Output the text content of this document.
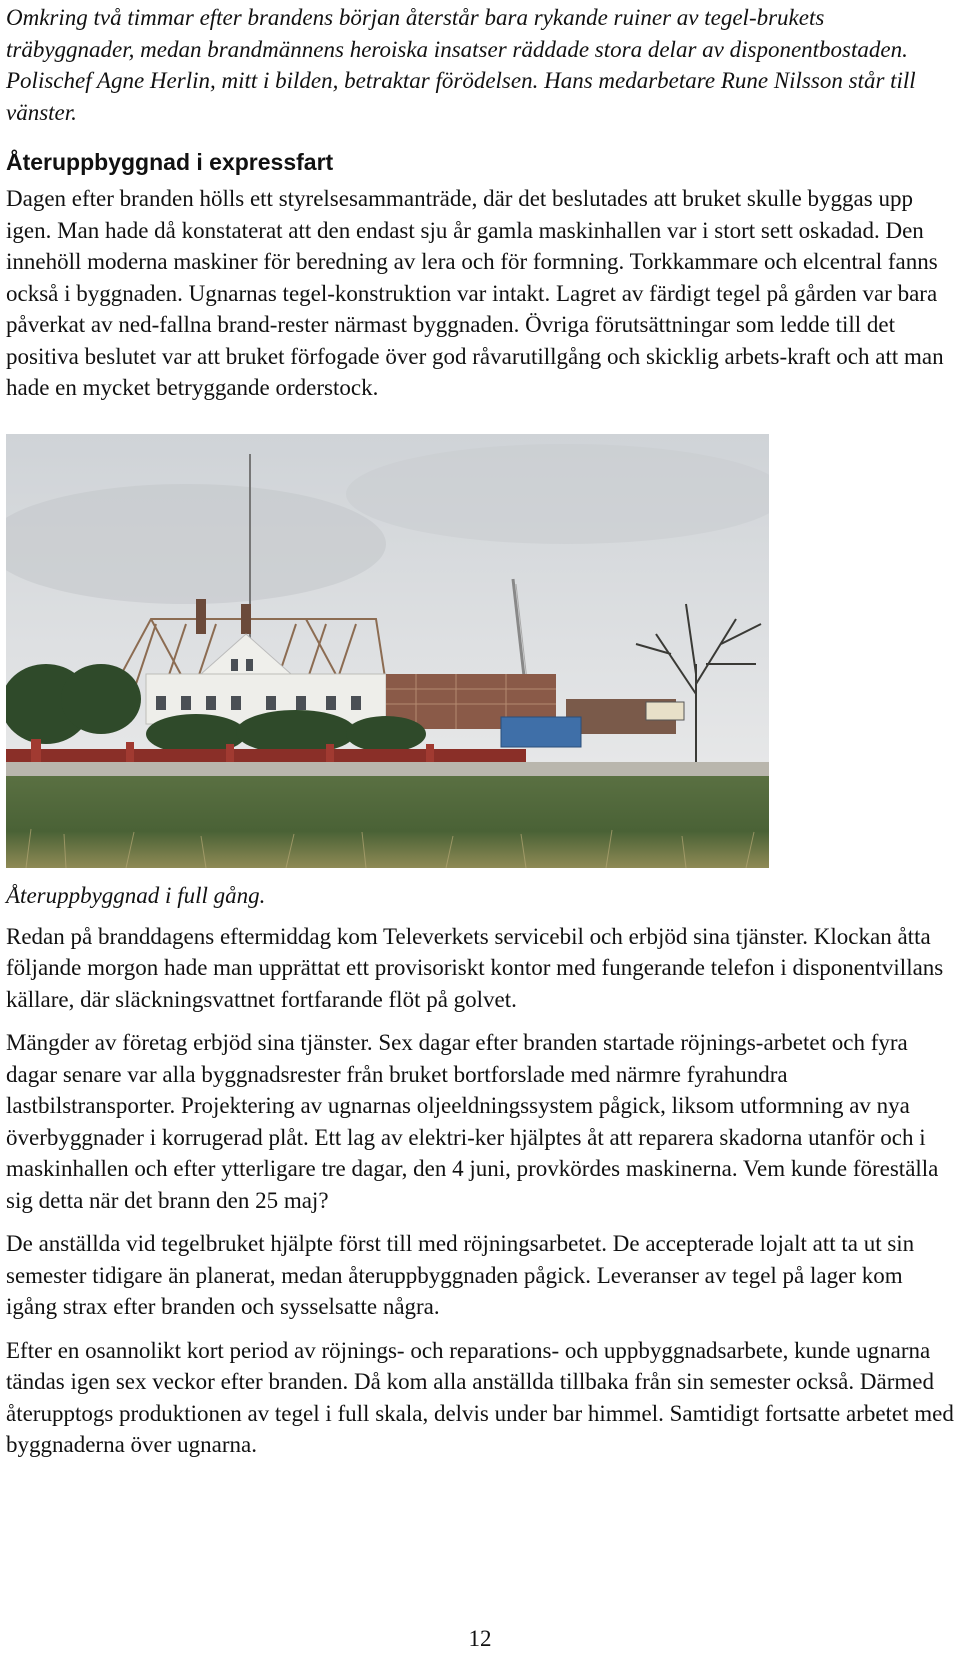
Omkring två timmar efter brandens början återstår bara rykande ruiner av tegel-brukets träbyggnader, medan brandmännens heroiska insatser räddade stora delar av disponentbostaden. Polischef Agne Herlin, mitt i bilden, betraktar förödelsen. Hans medarbetare Rune Nilsson står till vänster.

Återuppbyggnad i expressfart

Dagen efter branden hölls ett styrelsesammanträde, där det beslutades att bruket skulle byggas upp igen. Man hade då konstaterat att den endast sju år gamla maskinhallen var i stort sett oskadad. Den innehöll moderna maskiner för beredning av lera och för formning. Torkkammare och elcentral fanns också i byggnaden. Ugnarnas tegel-konstruktion var intakt. Lagret av färdigt tegel på gården var bara påverkat av ned-fallna brand-rester närmast byggnaden. Övriga förutsättningar som ledde till det positiva beslutet var att bruket förfogade över god råvarutillgång och skicklig arbets-kraft och att man hade en mycket betryggande orderstock.

Återuppbyggnad i full gång.

Redan på branddagens eftermiddag kom Televerkets servicebil och erbjöd sina tjänster. Klockan åtta följande morgon hade man upprättat ett provisoriskt kontor med fungerande telefon i disponentvillans källare, där släckningsvattnet fortfarande flöt på golvet.

Mängder av företag erbjöd sina tjänster. Sex dagar efter branden startade röjnings-arbetet och fyra dagar senare var alla byggnadsrester från bruket bortforslade med närmre fyrahundra lastbilstransporter. Projektering av ugnarnas oljeeldningssystem pågick, liksom utformning av nya överbyggnader i korrugerad plåt. Ett lag av elektri-ker hjälptes åt att reparera skadorna utanför och i maskinhallen och efter ytterligare tre dagar, den 4 juni, provkördes maskinerna. Vem kunde föreställa sig detta när det brann den 25 maj?

De anställda vid tegelbruket hjälpte först till med röjningsarbetet. De accepterade lojalt att ta ut sin semester tidigare än planerat, medan återuppbyggnaden pågick. Leveranser av tegel på lager kom igång strax efter branden och sysselsatte några.

Efter en osannolikt kort period av röjnings- och reparations- och uppbyggnadsarbete, kunde ugnarna tändas igen sex veckor efter branden. Då kom alla anställda tillbaka från sin semester också. Därmed återupptogs produktionen av tegel i full skala, delvis under bar himmel. Samtidigt fortsatte arbetet med byggnaderna över ugnarna.

12
